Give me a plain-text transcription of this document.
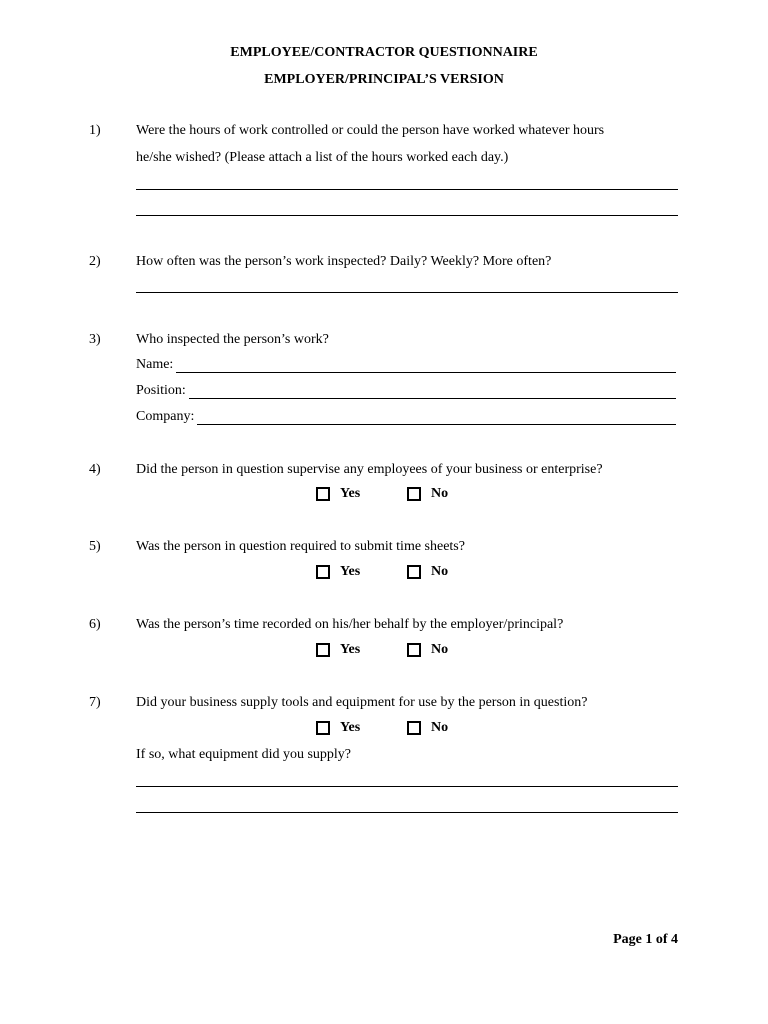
EMPLOYEE/CONTRACTOR QUESTIONNAIRE
EMPLOYER/PRINCIPAL’S VERSION
1)	Were the hours of work controlled or could the person have worked whatever hours
he/she wished? (Please attach a list of the hours worked each day.)
2)	How often was the person’s work inspected? Daily? Weekly? More often?
3)	Who inspected the person’s work?
Name:
Position:
Company:
4)	Did the person in question supervise any employees of your business or enterprise?
Yes	No
5)	Was the person in question required to submit time sheets?
Yes	No
6)	Was the person’s time recorded on his/her behalf by the employer/principal?
Yes	No
7)	Did your business supply tools and equipment for use by the person in question?
Yes	No
If so, what equipment did you supply?
Page 1 of 4
